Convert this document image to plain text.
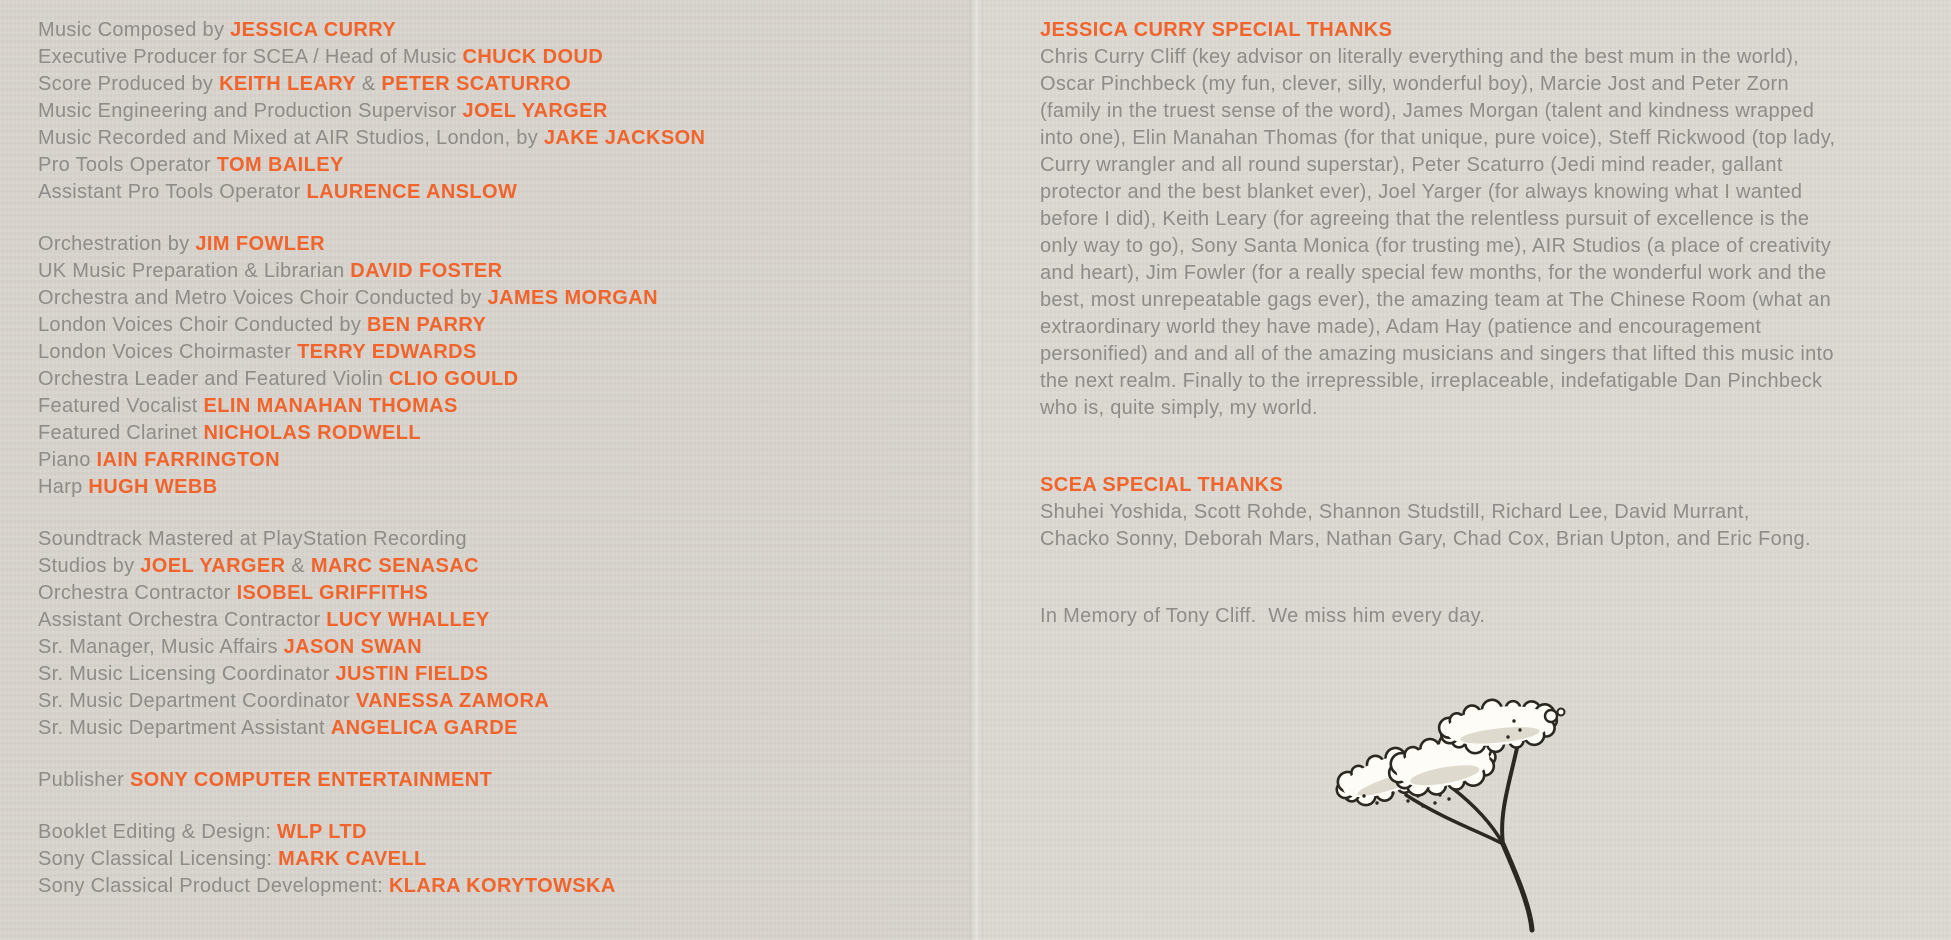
Music Composed by JESSICA CURRY
Executive Producer for SCEA / Head of Music CHUCK DOUD
Score Produced by KEITH LEARY & PETER SCATURRO
Music Engineering and Production Supervisor JOEL YARGER
Music Recorded and Mixed at AIR Studios, London, by JAKE JACKSON
Pro Tools Operator TOM BAILEY
Assistant Pro Tools Operator LAURENCE ANSLOW
Orchestration by JIM FOWLER
UK Music Preparation & Librarian DAVID FOSTER
Orchestra and Metro Voices Choir Conducted by JAMES MORGAN
London Voices Choir Conducted by BEN PARRY
London Voices Choirmaster TERRY EDWARDS
Orchestra Leader and Featured Violin CLIO GOULD
Featured Vocalist ELIN MANAHAN THOMAS
Featured Clarinet NICHOLAS RODWELL
Piano IAIN FARRINGTON
Harp HUGH WEBB
Soundtrack Mastered at PlayStation Recording
Studios by JOEL YARGER & MARC SENASAC
Orchestra Contractor ISOBEL GRIFFITHS
Assistant Orchestra Contractor LUCY WHALLEY
Sr. Manager, Music Affairs JASON SWAN
Sr. Music Licensing Coordinator JUSTIN FIELDS
Sr. Music Department Coordinator VANESSA ZAMORA
Sr. Music Department Assistant ANGELICA GARDE
Publisher SONY COMPUTER ENTERTAINMENT
Booklet Editing & Design: WLP LTD
Sony Classical Licensing: MARK CAVELL
Sony Classical Product Development: KLARA KORYTOWSKA
JESSICA CURRY SPECIAL THANKS
Chris Curry Cliff (key advisor on literally everything and the best mum in the world),
Oscar Pinchbeck (my fun, clever, silly, wonderful boy), Marcie Jost and Peter Zorn
(family in the truest sense of the word), James Morgan (talent and kindness wrapped
into one), Elin Manahan Thomas (for that unique, pure voice), Steff Rickwood (top lady,
Curry wrangler and all round superstar), Peter Scaturro (Jedi mind reader, gallant
protector and the best blanket ever), Joel Yarger (for always knowing what I wanted
before I did), Keith Leary (for agreeing that the relentless pursuit of excellence is the
only way to go), Sony Santa Monica (for trusting me), AIR Studios (a place of creativity
and heart), Jim Fowler (for a really special few months, for the wonderful work and the
best, most unrepeatable gags ever), the amazing team at The Chinese Room (what an
extraordinary world they have made), Adam Hay (patience and encouragement
personified) and and all of the amazing musicians and singers that lifted this music into
the next realm. Finally to the irrepressible, irreplaceable, indefatigable Dan Pinchbeck
who is, quite simply, my world.
SCEA SPECIAL THANKS
Shuhei Yoshida, Scott Rohde, Shannon Studstill, Richard Lee, David Murrant,
Chacko Sonny, Deborah Mars, Nathan Gary, Chad Cox, Brian Upton, and Eric Fong.
In Memory of Tony Cliff.  We miss him every day.
